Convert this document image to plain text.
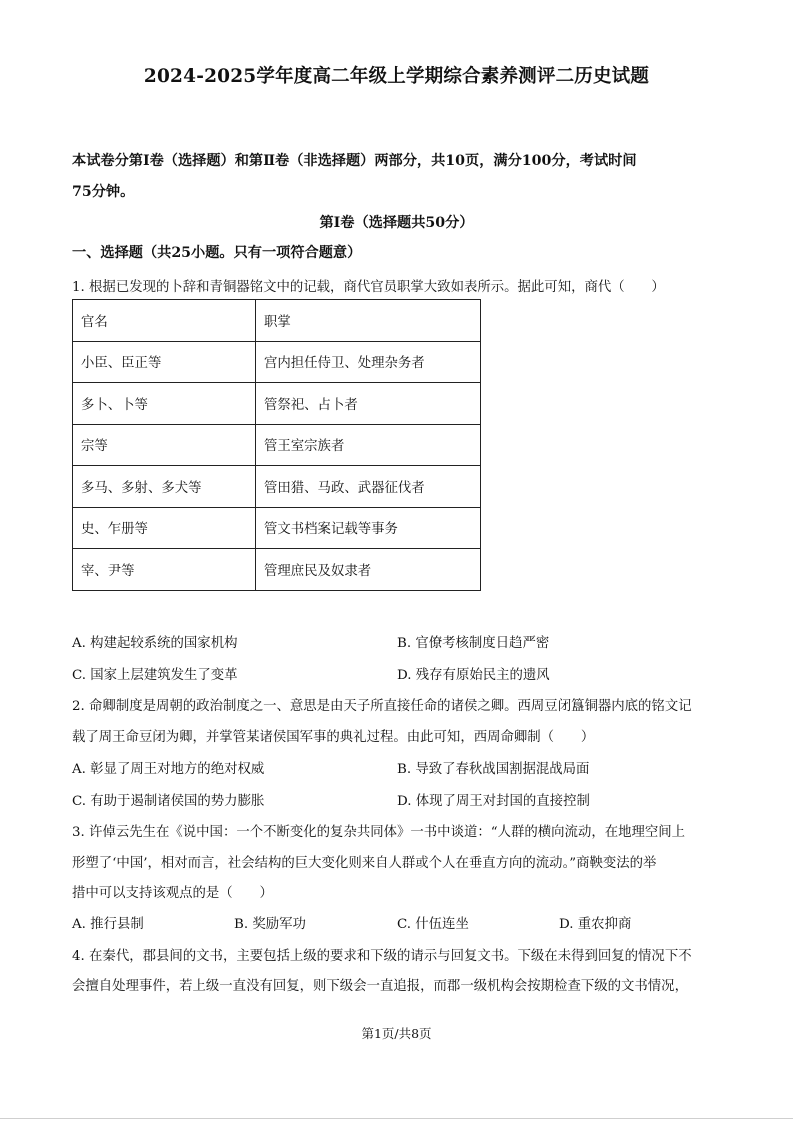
2024-2025学年度高二年级上学期综合素养测评二历史试题
本试卷分第Ⅰ卷（选择题）和第Ⅱ卷（非选择题）两部分，共10页，满分100分，考试时间
75分钟。
第Ⅰ卷（选择题共50分）
一、选择题（共25小题。只有一项符合题意）
1. 根据已发现的卜辞和青铜器铭文中的记载，商代官员职掌大致如表所示。据此可知，商代（　　）
官名	职掌
小臣、臣正等	宫内担任侍卫、处理杂务者
多卜、卜等	管祭祀、占卜者
宗等	管王室宗族者
多马、多射、多犬等	管田猎、马政、武器征伐者
史、乍册等	管文书档案记载等事务
宰、尹等	管理庶民及奴隶者
A. 构建起较系统的国家机构	B. 官僚考核制度日趋严密
C. 国家上层建筑发生了变革	D. 残存有原始民主的遗风
2. 命卿制度是周朝的政治制度之一、意思是由天子所直接任命的诸侯之卿。西周豆闭簋铜器内底的铭文记
载了周王命豆闭为卿，并掌管某诸侯国军事的典礼过程。由此可知，西周命卿制（　　）
A. 彰显了周王对地方的绝对权威	B. 导致了春秋战国割据混战局面
C. 有助于遏制诸侯国的势力膨胀	D. 体现了周王对封国的直接控制
3. 许倬云先生在《说中国：一个不断变化的复杂共同体》一书中谈道：“人群的横向流动，在地理空间上
形塑了‘中国’，相对而言，社会结构的巨大变化则来自人群或个人在垂直方向的流动。”商鞅变法的举
措中可以支持该观点的是（　　）
A. 推行县制	B. 奖励军功	C. 什伍连坐	D. 重农抑商
4. 在秦代，郡县间的文书，主要包括上级的要求和下级的请示与回复文书。下级在未得到回复的情况下不
会擅自处理事件，若上级一直没有回复，则下级会一直追报，而郡一级机构会按期检查下级的文书情况，
第1页/共8页
